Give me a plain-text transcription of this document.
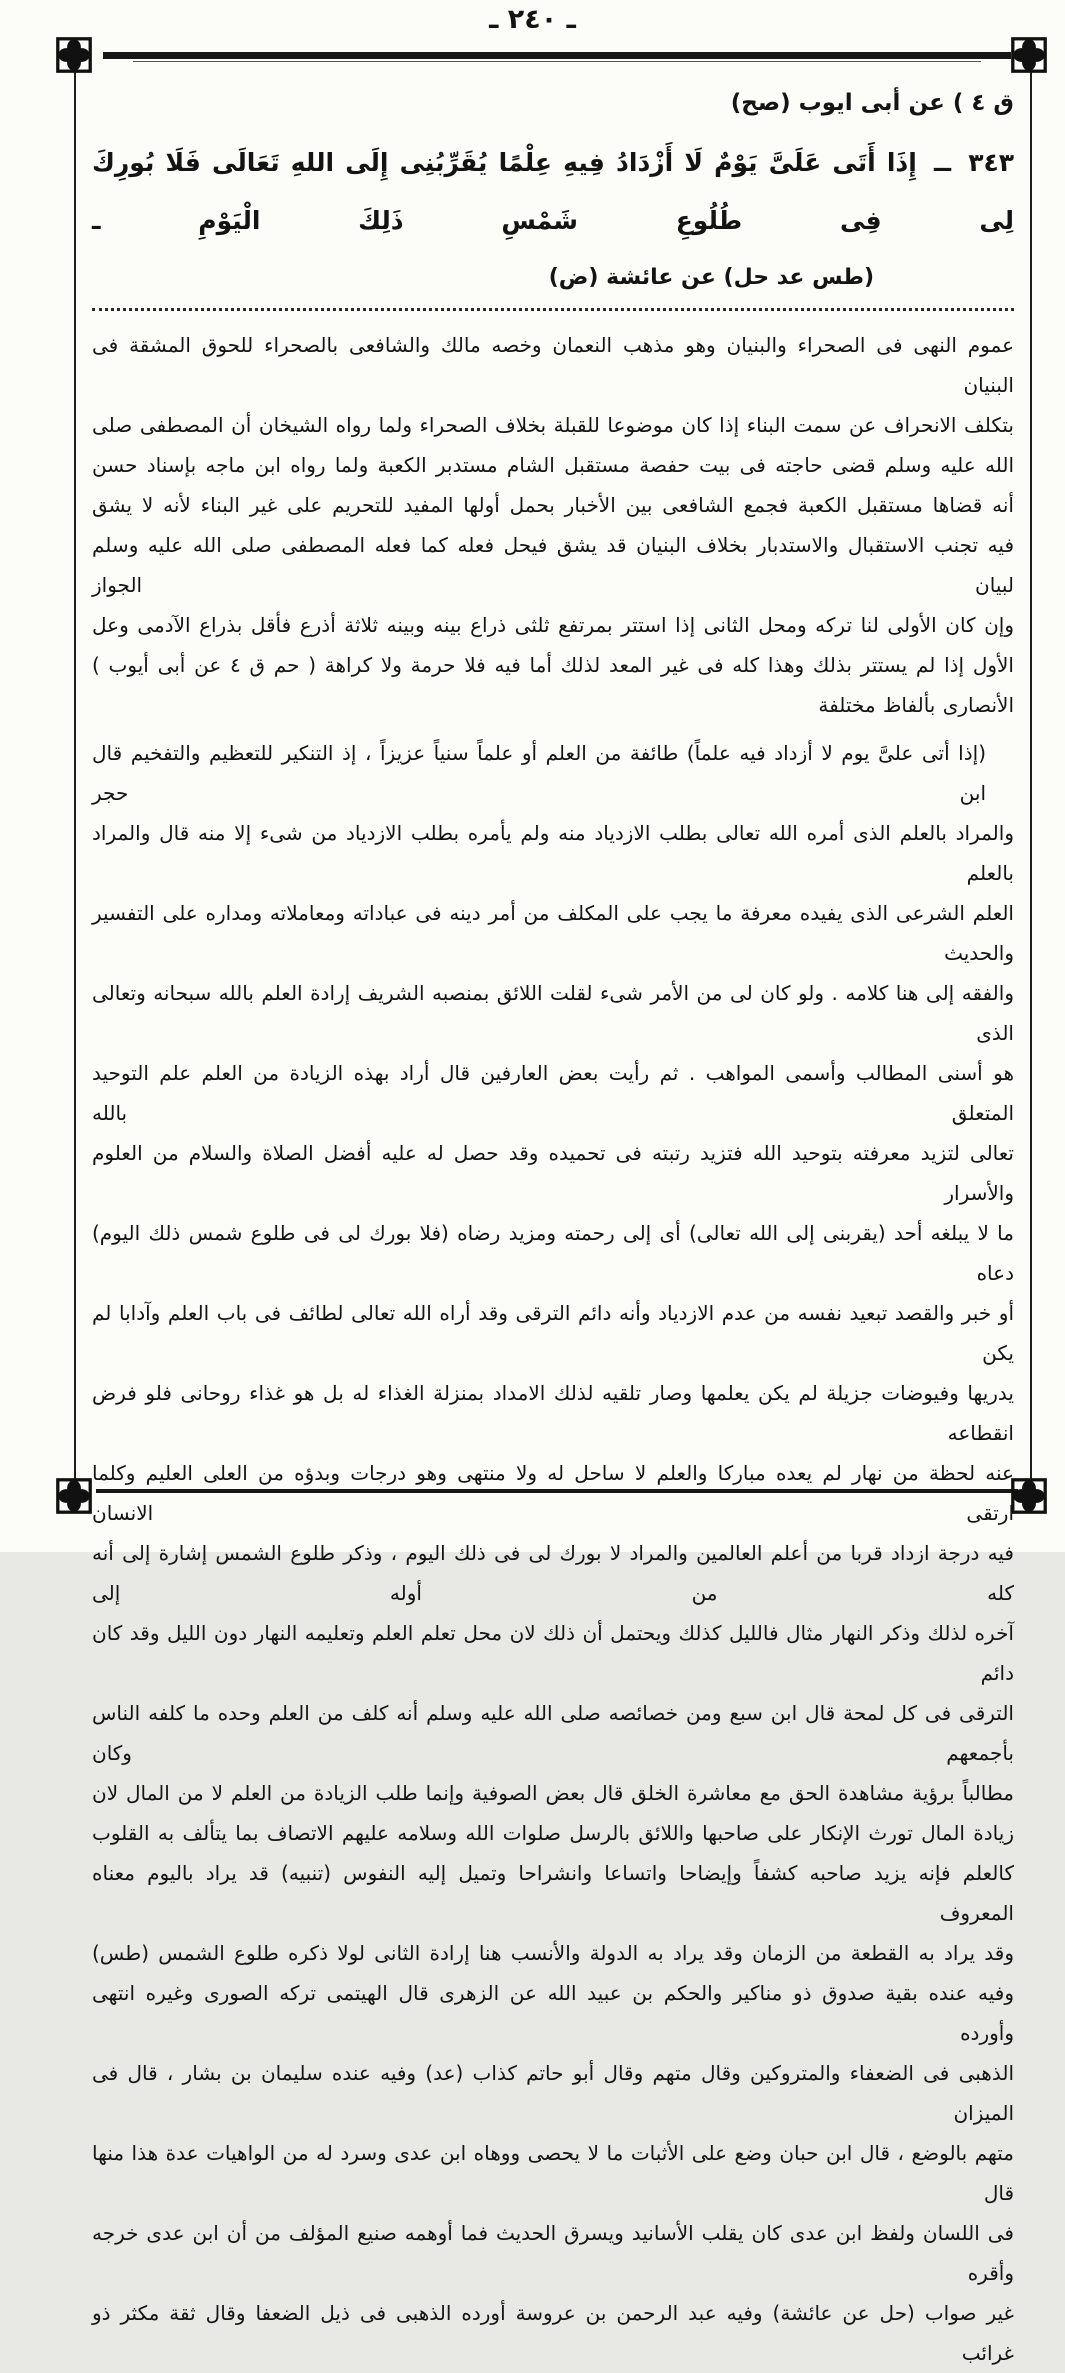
ـ ٢٤٠ ـ
ق ٤ ) عن أبى ايوب (صح)
٣٤٣ ــ إِذَا أَتَى عَلَىَّ يَوْمٌ لَا أَزْدَادُ فِيهِ عِلْمًا يُقَرِّبُنِى إِلَى اللهِ تَعَالَى فَلَا بُورِكَ لِى فِى طُلُوعِ شَمْسِ ذَلِكَ الْيَوْمِ ـ
(طس عد حل) عن عائشة (ض)
عموم النهى فى الصحراء والبنيان وهو مذهب النعمان وخصه مالك والشافعى بالصحراء للحوق المشقة فى البنيان
بتكلف الانحراف عن سمت البناء إذا كان موضوعا للقبلة بخلاف الصحراء ولما رواه الشيخان أن المصطفى صلى
الله عليه وسلم قضى حاجته فى بيت حفصة مستقبل الشام مستدبر الكعبة ولما رواه ابن ماجه بإسناد حسن
أنه قضاها مستقبل الكعبة فجمع الشافعى بين الأخبار بحمل أولها المفيد للتحريم على غير البناء لأنه لا يشق
فيه تجنب الاستقبال والاستدبار بخلاف البنيان قد يشق فيحل فعله كما فعله المصطفى صلى الله عليه وسلم لبيان الجواز
وإن كان الأولى لنا تركه ومحل الثانى إذا استتر بمرتفع ثلثى ذراع بينه وبينه ثلاثة أذرع فأقل بذراع الآدمى وعل
الأول إذا لم يستتر بذلك وهذا كله فى غير المعد لذلك أما فيه فلا حرمة ولا كراهة ( حم ق ٤ عن أبى أيوب )
الأنصارى بألفاظ مختلفة
(إذا أتى علىَّ يوم لا أزداد فيه علماً) طائفة من العلم أو علماً سنياً عزيزاً ، إذ التنكير للتعظيم والتفخيم قال ابن حجر
والمراد بالعلم الذى أمره الله تعالى بطلب الازدياد منه ولم يأمره بطلب الازدياد من شىء إلا منه قال والمراد بالعلم
العلم الشرعى الذى يفيده معرفة ما يجب على المكلف من أمر دينه فى عباداته ومعاملاته ومداره على التفسير والحديث
والفقه إلى هنا كلامه . ولو كان لى من الأمر شىء لقلت اللائق بمنصبه الشريف إرادة العلم بالله سبحانه وتعالى الذى
هو أسنى المطالب وأسمى المواهب . ثم رأيت بعض العارفين قال أراد بهذه الزيادة من العلم علم التوحيد المتعلق بالله
تعالى لتزيد معرفته بتوحيد الله فتزيد رتبته فى تحميده وقد حصل له عليه أفضل الصلاة والسلام من العلوم والأسرار
ما لا يبلغه أحد (يقربنى إلى الله تعالى) أى إلى رحمته ومزيد رضاه (فلا بورك لى فى طلوع شمس ذلك اليوم) دعاه
أو خبر والقصد تبعيد نفسه من عدم الازدياد وأنه دائم الترقى وقد أراه الله تعالى لطائف فى باب العلم وآدابا لم يكن
يدريها وفيوضات جزيلة لم يكن يعلمها وصار تلقيه لذلك الامداد بمنزلة الغذاء له بل هو غذاء روحانى فلو فرض انقطاعه
عنه لحظة من نهار لم يعده مباركا والعلم لا ساحل له ولا منتهى وهو درجات وبدؤه من العلى العليم وكلما ارتقى الانسان
فيه درجة ازداد قربا من أعلم العالمين والمراد لا بورك لى فى ذلك اليوم ، وذكر طلوع الشمس إشارة إلى أنه كله من أوله إلى
آخره لذلك وذكر النهار مثال فالليل كذلك ويحتمل أن ذلك لان محل تعلم العلم وتعليمه النهار دون الليل وقد كان دائم
الترقى فى كل لمحة قال ابن سبع ومن خصائصه صلى الله عليه وسلم أنه كلف من العلم وحده ما كلفه الناس بأجمعهم وكان
مطالباً برؤية مشاهدة الحق مع معاشرة الخلق قال بعض الصوفية وإنما طلب الزيادة من العلم لا من المال لان
زيادة المال تورث الإنكار على صاحبها واللائق بالرسل صلوات الله وسلامه عليهم الاتصاف بما يتألف به القلوب
كالعلم فإنه يزيد صاحبه كشفاً وإيضاحا واتساعا وانشراحا وتميل إليه النفوس (تنبيه) قد يراد باليوم معناه المعروف
وقد يراد به القطعة من الزمان وقد يراد به الدولة والأنسب هنا إرادة الثانى لولا ذكره طلوع الشمس (طس)
وفيه عنده بقية صدوق ذو مناكير والحكم بن عبيد الله عن الزهرى قال الهيتمى تركه الصورى وغيره انتهى وأورده
الذهبى فى الضعفاء والمتروكين وقال متهم وقال أبو حاتم كذاب (عد) وفيه عنده سليمان بن بشار ، قال فى الميزان
متهم بالوضع ، قال ابن حبان وضع على الأثبات ما لا يحصى ووهاه ابن عدى وسرد له من الواهيات عدة هذا منها قال
فى اللسان ولفظ ابن عدى كان يقلب الأسانيد ويسرق الحديث فما أوهمه صنيع المؤلف من أن ابن عدى خرجه وأقره
غير صواب (حل عن عائشة) وفيه عبد الرحمن بن عروسة أورده الذهبى فى ذيل الضعفا وقال ثقة مكثر ذو غرائب
